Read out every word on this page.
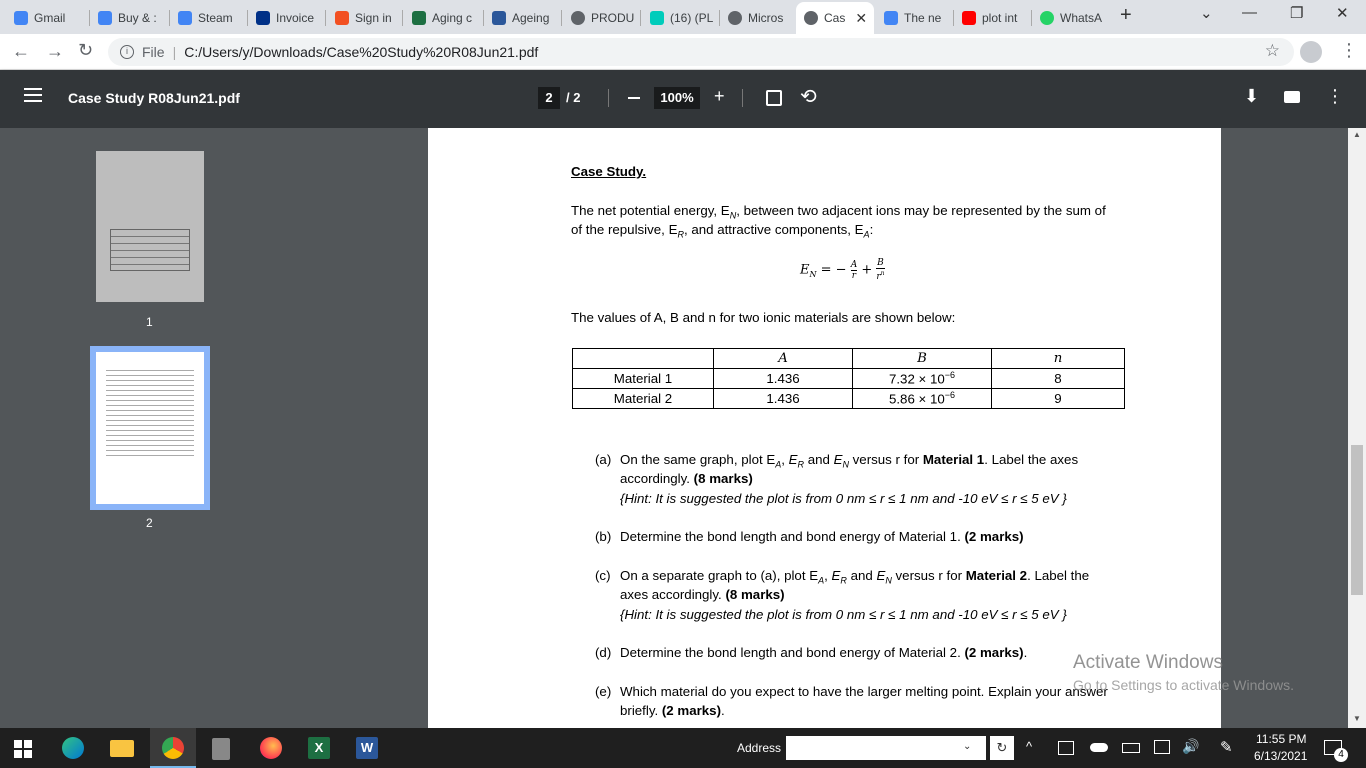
Gmail	Buy & :	Steam	Invoice	Sign in	Aging c	Ageing	PRODU	(16) (PL	Micros	Cas ✕	The ne	plot int	WhatsA +	⌄ — ❐ ✕
← → ↻	i	File | C:/Users/y/Downloads/Case%20Study%20R08Jun21.pdf	☆	⋮
Case Study R08Jun21.pdf	2	/ 2	100%	+	⟲	⬇	⋮
1
2
Case Study.
The net potential energy, $E_N$, between two adjacent ions may be represented by the sum of
of the repulsive, $E_R$, and attractive components, $E_A$:
$E_N$ = − A

r + B

$r^n$
The values of A, B and n for two ionic materials are shown below:
	A	B	n
Material 1	1.436	$7.32 \times 10^{-6}$	8
Material 2	1.436	$5.86 \times 10^{-6}$	9
(a) On the same graph, plot $E_A$, $E_R$ and $E_N$ versus r for Material 1. Label the axes
accordingly. (8 marks)
{Hint: It is suggested the plot is from 0 nm ≤ r ≤ 1 nm and -10 eV ≤ r ≤ 5 eV }
(b) Determine the bond length and bond energy of Material 1. (2 marks)
(c) On a separate graph to (a), plot $E_A$, $E_R$ and $E_N$ versus r for Material 2. Label the
axes accordingly. (8 marks)
{Hint: It is suggested the plot is from 0 nm ≤ r ≤ 1 nm and -10 eV ≤ r ≤ 5 eV }
(d) Determine the bond length and bond energy of Material 2. (2 marks).
(e) Which material do you expect to have the larger melting point. Explain your answer
briefly. (2 marks).
Activate Windows
Go to Settings to activate Windows.
▲
▼
X	W	Address	⌄	↻	^	🔊 ✎ 11:55 PM
6/13/2021	4
